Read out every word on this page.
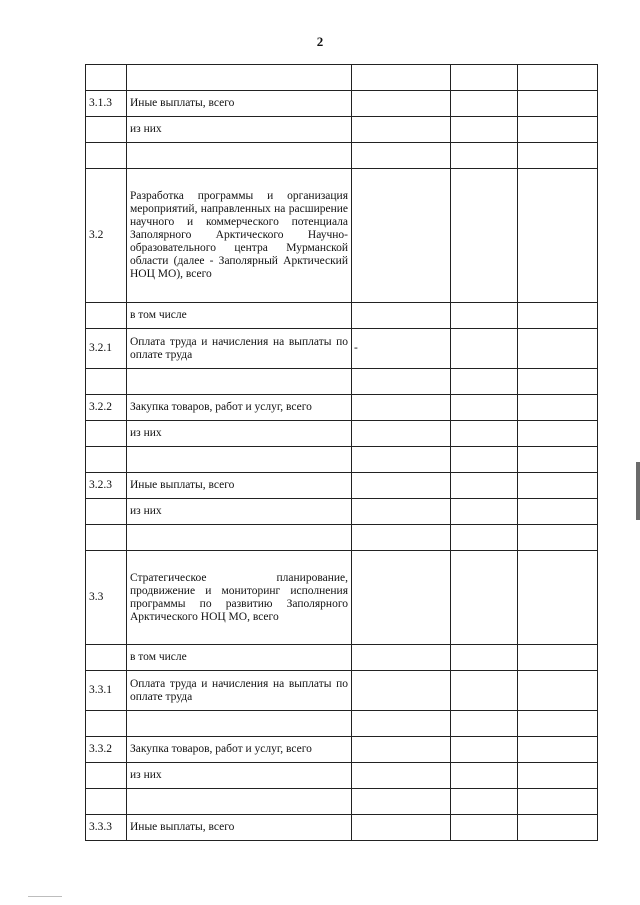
2

3.1.3	Иные выплаты, всего			
	из них			

3.2	Разработка программы и организация мероприятий, направленных на расширение научного и коммерческого потенциала Заполярного Арктического Научно-образовательного центра Мурманской области (далее - Заполярный Арктический НОЦ МО), всего			
	в том числе			
3.2.1	Оплата труда и начисления на выплаты по оплате труда	-		

3.2.2	Закупка товаров, работ и услуг, всего			
	из них			

3.2.3	Иные выплаты, всего			
	из них			

3.3	Стратегическое планирование, продвижение и мониторинг исполнения программы по развитию Заполярного Арктического НОЦ МО, всего			
	в том числе			
3.3.1	Оплата труда и начисления на выплаты по оплате труда			

3.3.2	Закупка товаров, работ и услуг, всего			
	из них			

3.3.3	Иные выплаты, всего			
